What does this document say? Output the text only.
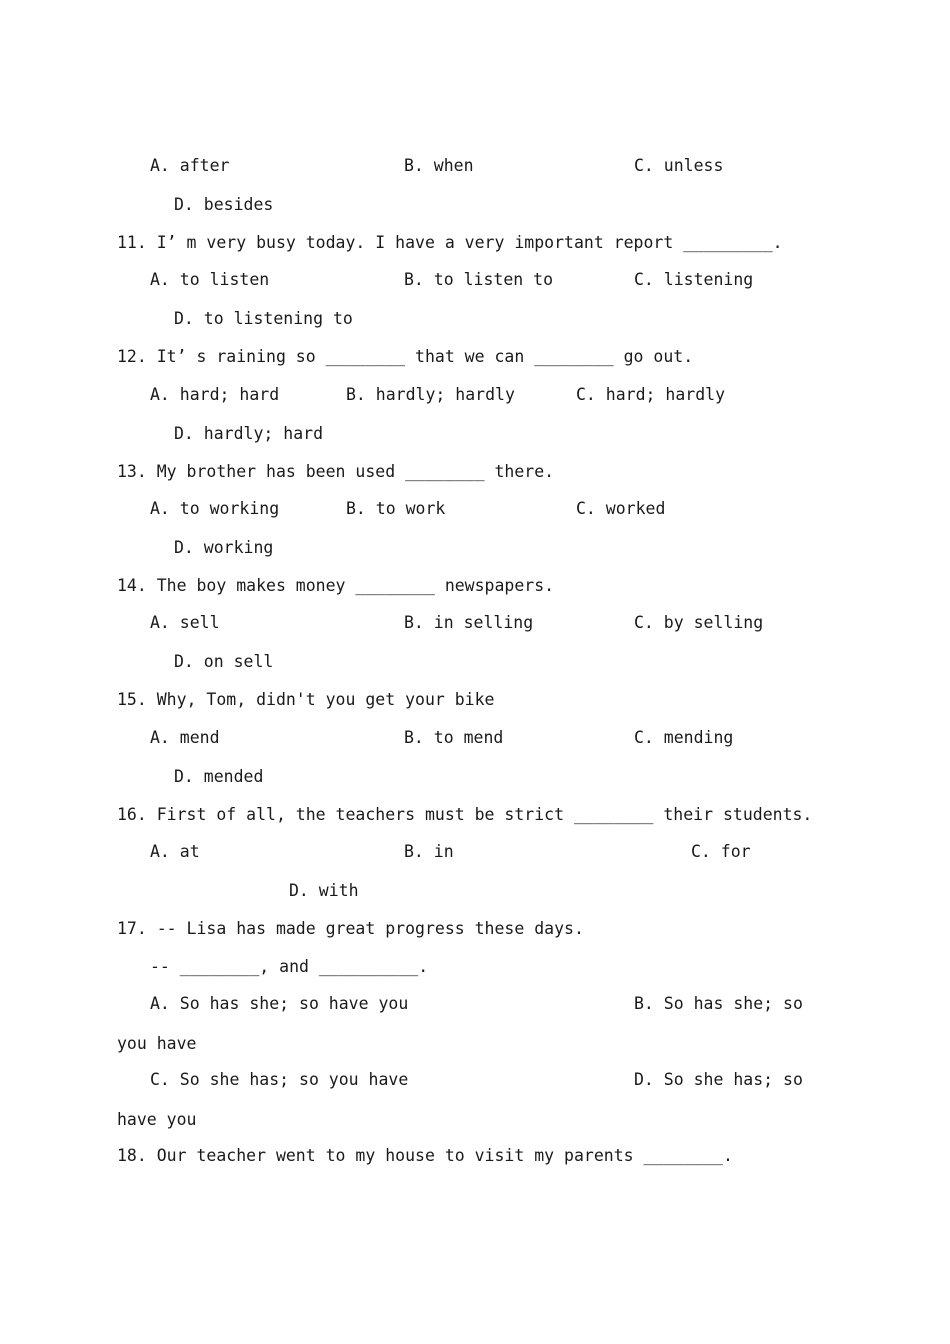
A. after	B. when	C. unless
D. besides
11. I’ m very busy today. I have a very important report _________.
A. to listen	B. to listen to	C. listening
D. to listening to
12. It’ s raining so ________ that we can ________ go out.
A. hard; hard	B. hardly; hardly	C. hard; hardly
D. hardly; hard
13. My brother has been used ________ there.
A. to working	B. to work	C. worked
D. working
14. The boy makes money ________ newspapers.
A. sell	B. in selling	C. by selling
D. on sell
15. Why, Tom, didn't you get your bike
A. mend	B. to mend	C. mending
D. mended
16. First of all, the teachers must be strict ________ their students.
A. at	B. in	C. for
D. with
17. -- Lisa has made great progress these days.
-- ________, and __________.
A. So has she; so have you	B. So has she; so
you have
C. So she has; so you have	D. So she has; so
have you
18. Our teacher went to my house to visit my parents ________.
